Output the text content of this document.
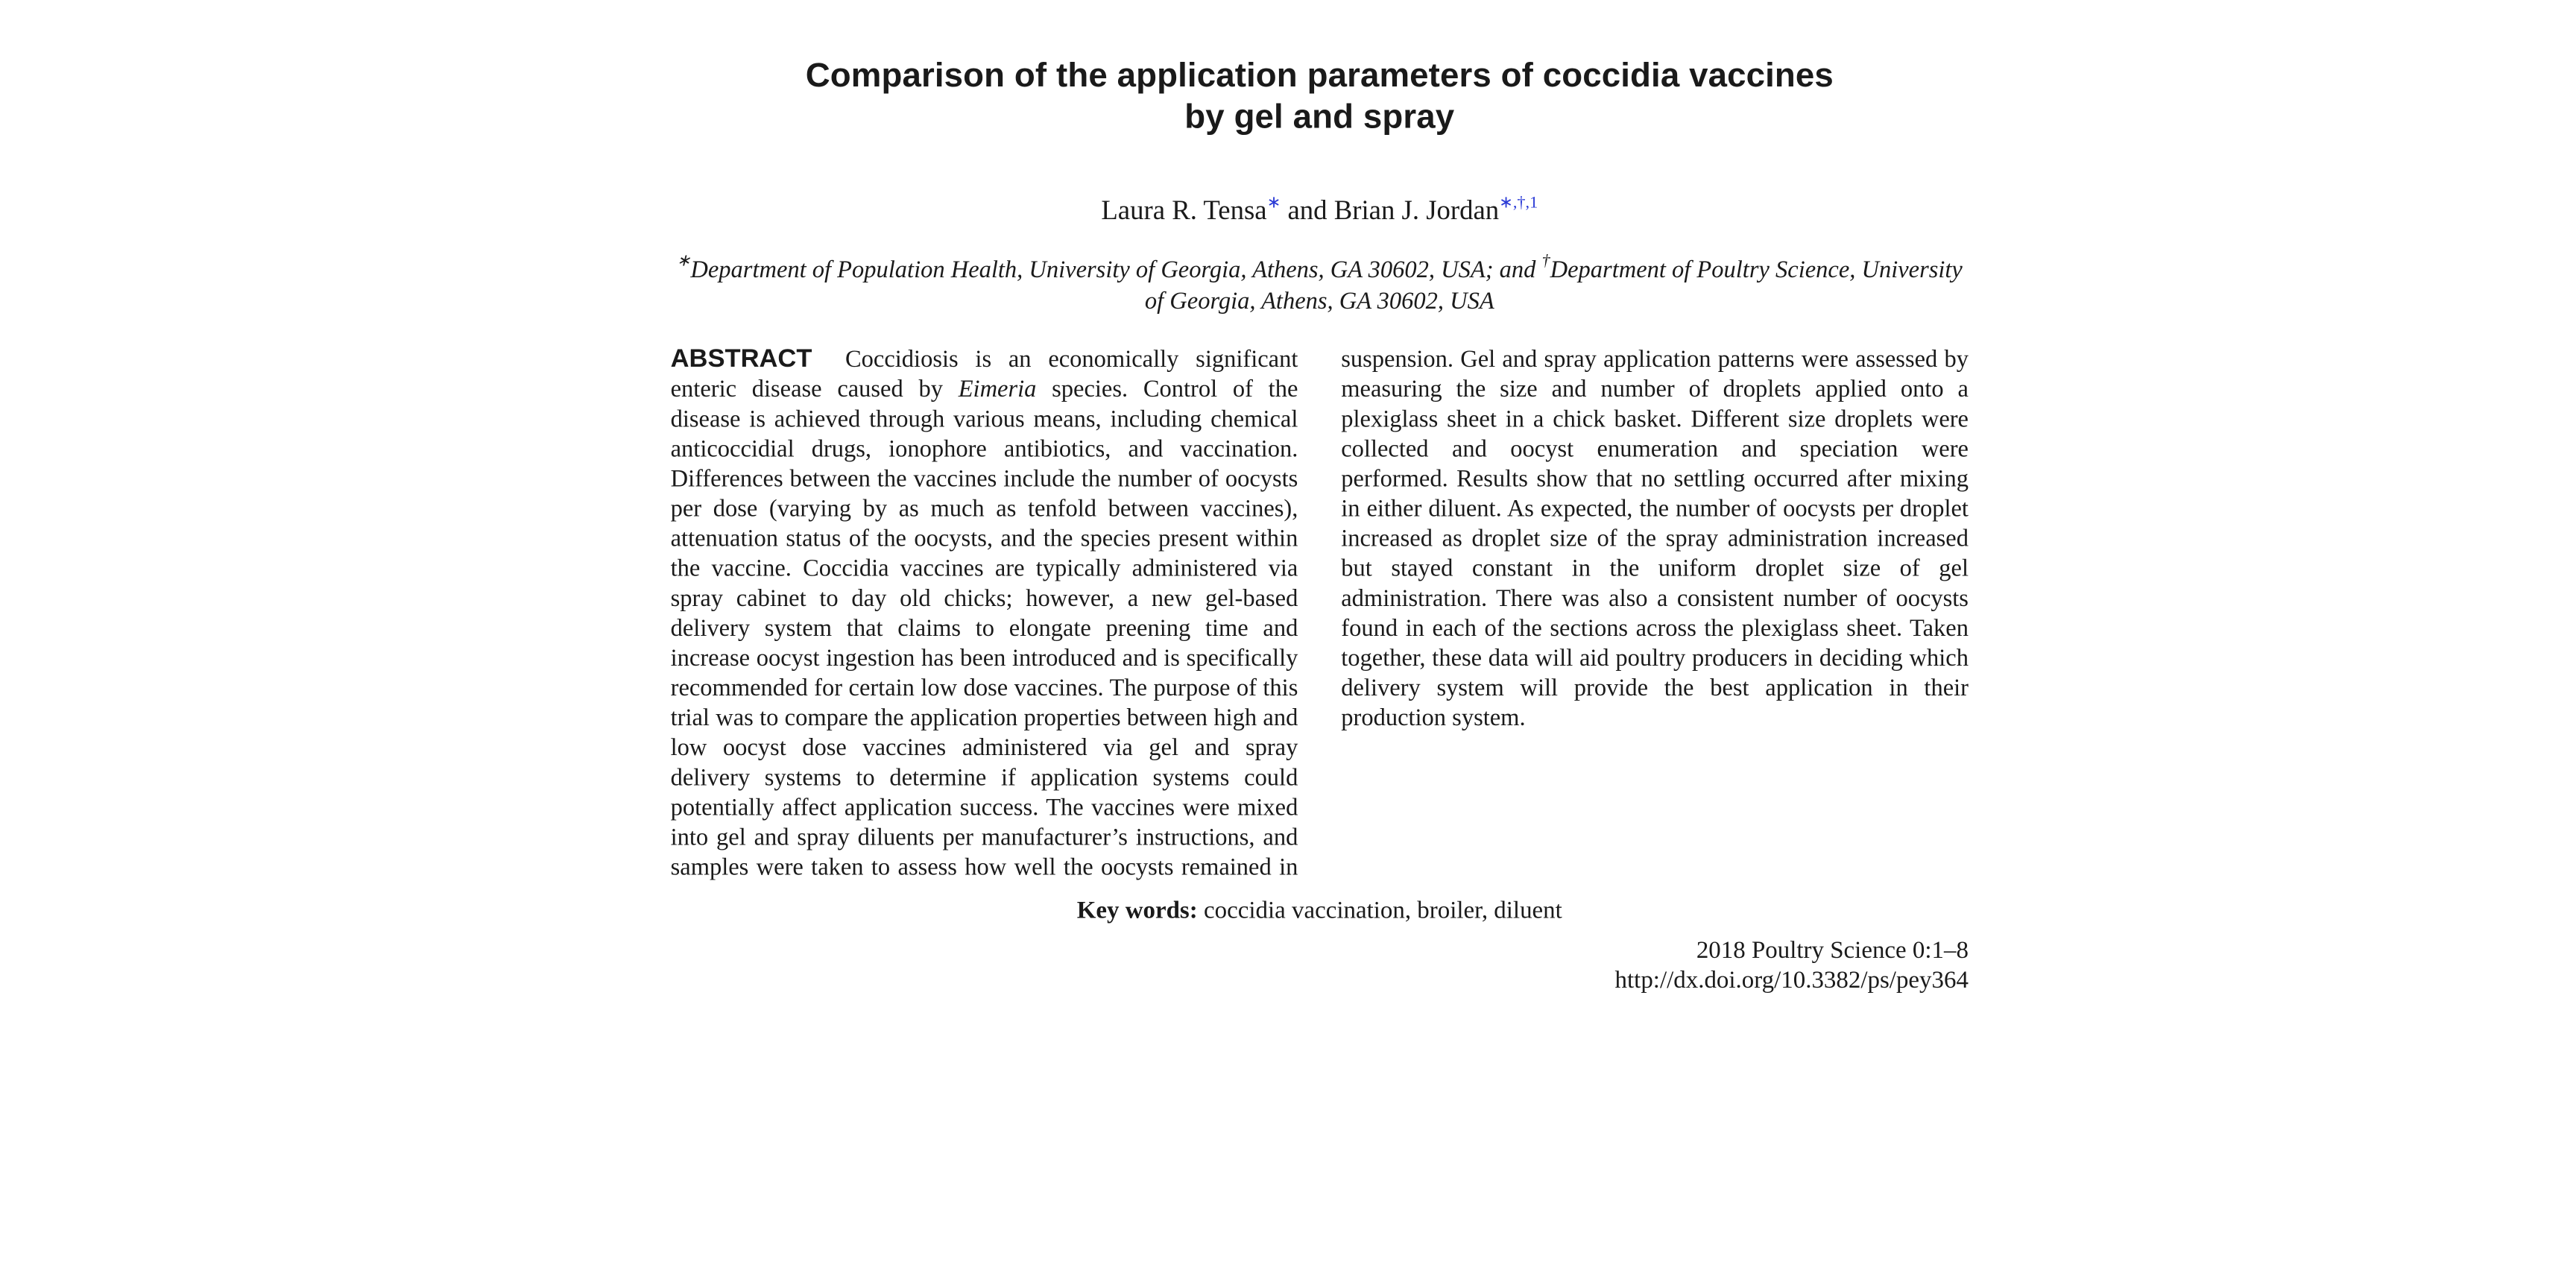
Comparison of the application parameters of coccidia vaccines
by gel and spray
Laura R. Tensa∗ and Brian J. Jordan$^{∗,\dagger,1}$
∗Department of Population Health, University of Georgia, Athens, GA 30602, USA; and †Department of Poultry Science, University of Georgia, Athens, GA 30602, USA

ABSTRACT	Coccidiosis is an economically significant enteric disease caused by Eimeria species. Control of the disease is achieved through various means, including chemical anticoccidial drugs, ionophore antibiotics, and vaccination. Differences between the vaccines include the number of oocysts per dose (varying by as much as tenfold between vaccines), attenuation status of the oocysts, and the species present within the vaccine. Coccidia vaccines are typically administered via spray cabinet to day old chicks; however, a new gel-based delivery system that claims to elongate preening time and increase oocyst ingestion has been introduced and is specifically recommended for certain low dose vaccines. The purpose of this trial was to compare the application properties between high and low oocyst dose vaccines administered via gel and spray delivery systems to determine if application systems could potentially affect application success. The vaccines were mixed into gel and spray diluents per manufacturer’s instructions, and samples were taken to assess how well the oocysts remained in suspension. Gel and spray application patterns were assessed by measuring the size and number of droplets applied onto a plexiglass sheet in a chick basket. Different size droplets were collected and oocyst enumeration and speciation were performed. Results show that no settling occurred after mixing in either diluent. As expected, the number of oocysts per droplet increased as droplet size of the spray administration increased but stayed constant in the uniform droplet size of gel administration. There was also a consistent number of oocysts found in each of the sections across the plexiglass sheet. Taken together, these data will aid poultry producers in deciding which delivery system will provide the best application in their production system.

Key words: coccidia vaccination, broiler, diluent
2018 Poultry Science 0:1–8
http://dx.doi.org/10.3382/ps/pey364
